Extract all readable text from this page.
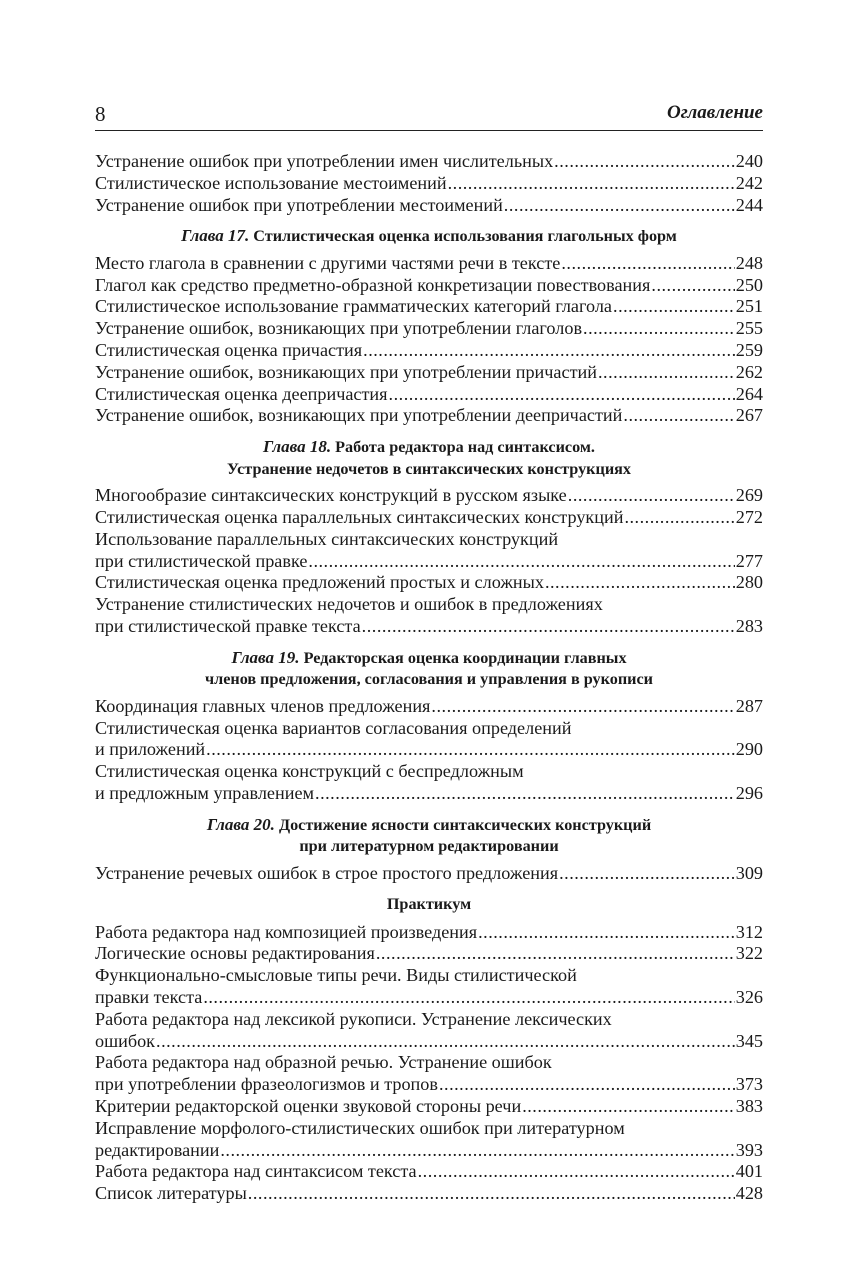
8	Оглавление
Устранение ошибок при употреблении имен числительных .....	240
Стилистическое использование местоимений .....	242
Устранение ошибок при употреблении местоимений .....	244
Глава 17. Стилистическая оценка использования глагольных форм
Место глагола в сравнении с другими частями речи в тексте .....	248
Глагол как средство предметно-образной конкретизации повествования .....	250
Стилистическое использование грамматических категорий глагола .....	251
Устранение ошибок, возникающих при употреблении глаголов .....	255
Стилистическая оценка причастия .....	259
Устранение ошибок, возникающих при употреблении причастий .....	262
Стилистическая оценка деепричастия .....	264
Устранение ошибок, возникающих при употреблении деепричастий .....	267
Глава 18. Работа редактора над синтаксисом.
Устранение недочетов в синтаксических конструкциях
Многообразие синтаксических конструкций в русском языке .....	269
Стилистическая оценка параллельных синтаксических конструкций .....	272
Использование параллельных синтаксических конструкций
при стилистической правке .....	277
Стилистическая оценка предложений простых и сложных .....	280
Устранение стилистических недочетов и ошибок в предложениях
при стилистической правке текста .....	283
Глава 19. Редакторская оценка координации главных
членов предложения, согласования и управления в рукописи
Координация главных членов предложения .....	287
Стилистическая оценка вариантов согласования определений
и приложений .....	290
Стилистическая оценка конструкций с беспредложным
и предложным управлением .....	296
Глава 20. Достижение ясности синтаксических конструкций
при литературном редактировании
Устранение речевых ошибок в строе простого предложения .....	309
Практикум
Работа редактора над композицией произведения .....	312
Логические основы редактирования .....	322
Функционально-смысловые типы речи. Виды стилистической
правки текста .....	326
Работа редактора над лексикой рукописи. Устранение лексических
ошибок .....	345
Работа редактора над образной речью. Устранение ошибок
при употреблении фразеологизмов и тропов .....	373
Критерии редакторской оценки звуковой стороны речи .....	383
Исправление морфолого-стилистических ошибок при литературном
редактировании .....	393
Работа редактора над синтаксисом текста .....	401
Список литературы .....	428
